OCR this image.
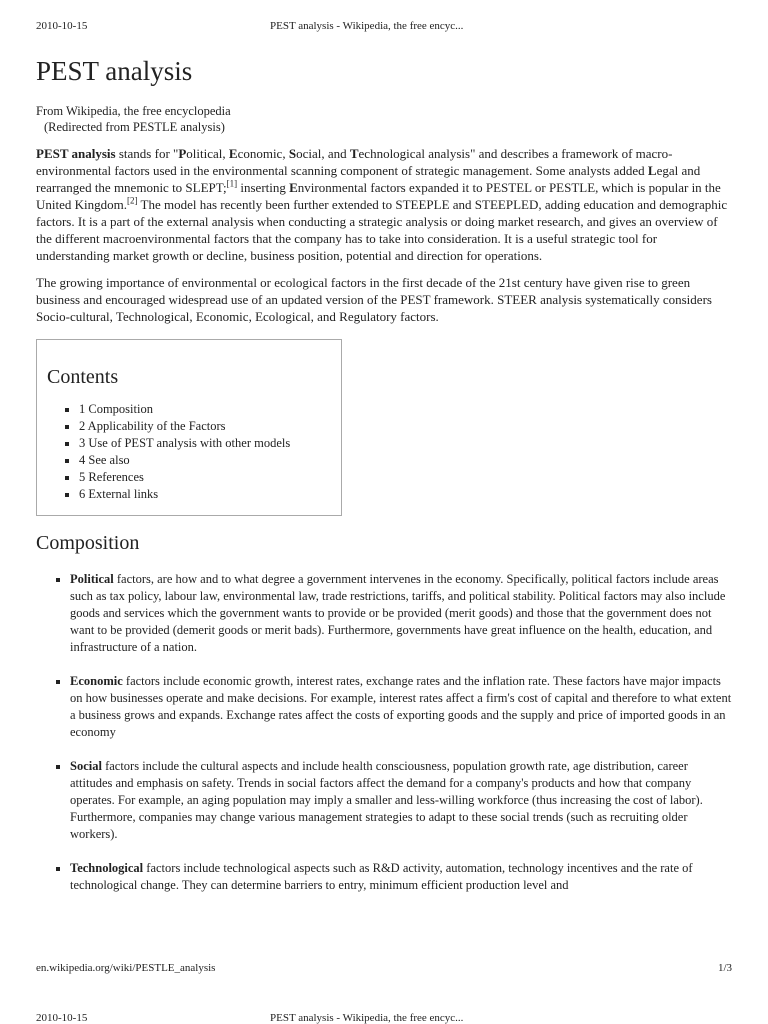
2010-10-15	PEST analysis - Wikipedia, the free encyc...
PEST analysis
From Wikipedia, the free encyclopedia
(Redirected from PESTLE analysis)

PEST analysis stands for "Political, Economic, Social, and Technological analysis" and describes a framework of macro-environmental factors used in the environmental scanning component of strategic management. Some analysts added Legal and rearranged the mnemonic to SLEPT;[1] inserting Environmental factors expanded it to PESTEL or PESTLE, which is popular in the United Kingdom.[2] The model has recently been further extended to STEEPLE and STEEPLED, adding education and demographic factors. It is a part of the external analysis when conducting a strategic analysis or doing market research, and gives an overview of the different macroenvironmental factors that the company has to take into consideration. It is a useful strategic tool for understanding market growth or decline, business position, potential and direction for operations.

The growing importance of environmental or ecological factors in the first decade of the 21st century have given rise to green business and encouraged widespread use of an updated version of the PEST framework. STEER analysis systematically considers Socio-cultural, Technological, Economic, Ecological, and Regulatory factors.

Contents
▪ 1 Composition
▪ 2 Applicability of the Factors
▪ 3 Use of PEST analysis with other models
▪ 4 See also
▪ 5 References
▪ 6 External links
Composition
▪ Political factors, are how and to what degree a government intervenes in the economy. Specifically, political factors include areas such as tax policy, labour law, environmental law, trade restrictions, tariffs, and political stability. Political factors may also include goods and services which the government wants to provide or be provided (merit goods) and those that the government does not want to be provided (demerit goods or merit bads). Furthermore, governments have great influence on the health, education, and infrastructure of a nation.
▪ Economic factors include economic growth, interest rates, exchange rates and the inflation rate. These factors have major impacts on how businesses operate and make decisions. For example, interest rates affect a firm's cost of capital and therefore to what extent a business grows and expands. Exchange rates affect the costs of exporting goods and the supply and price of imported goods in an economy
▪ Social factors include the cultural aspects and include health consciousness, population growth rate, age distribution, career attitudes and emphasis on safety. Trends in social factors affect the demand for a company's products and how that company operates. For example, an aging population may imply a smaller and less-willing workforce (thus increasing the cost of labor). Furthermore, companies may change various management strategies to adapt to these social trends (such as recruiting older workers).
▪ Technological factors include technological aspects such as R&D activity, automation, technology incentives and the rate of technological change. They can determine barriers to entry, minimum efficient production level and
en.wikipedia.org/wiki/PESTLE_analysis	1/3
2010-10-15	PEST analysis - Wikipedia, the free encyc...
